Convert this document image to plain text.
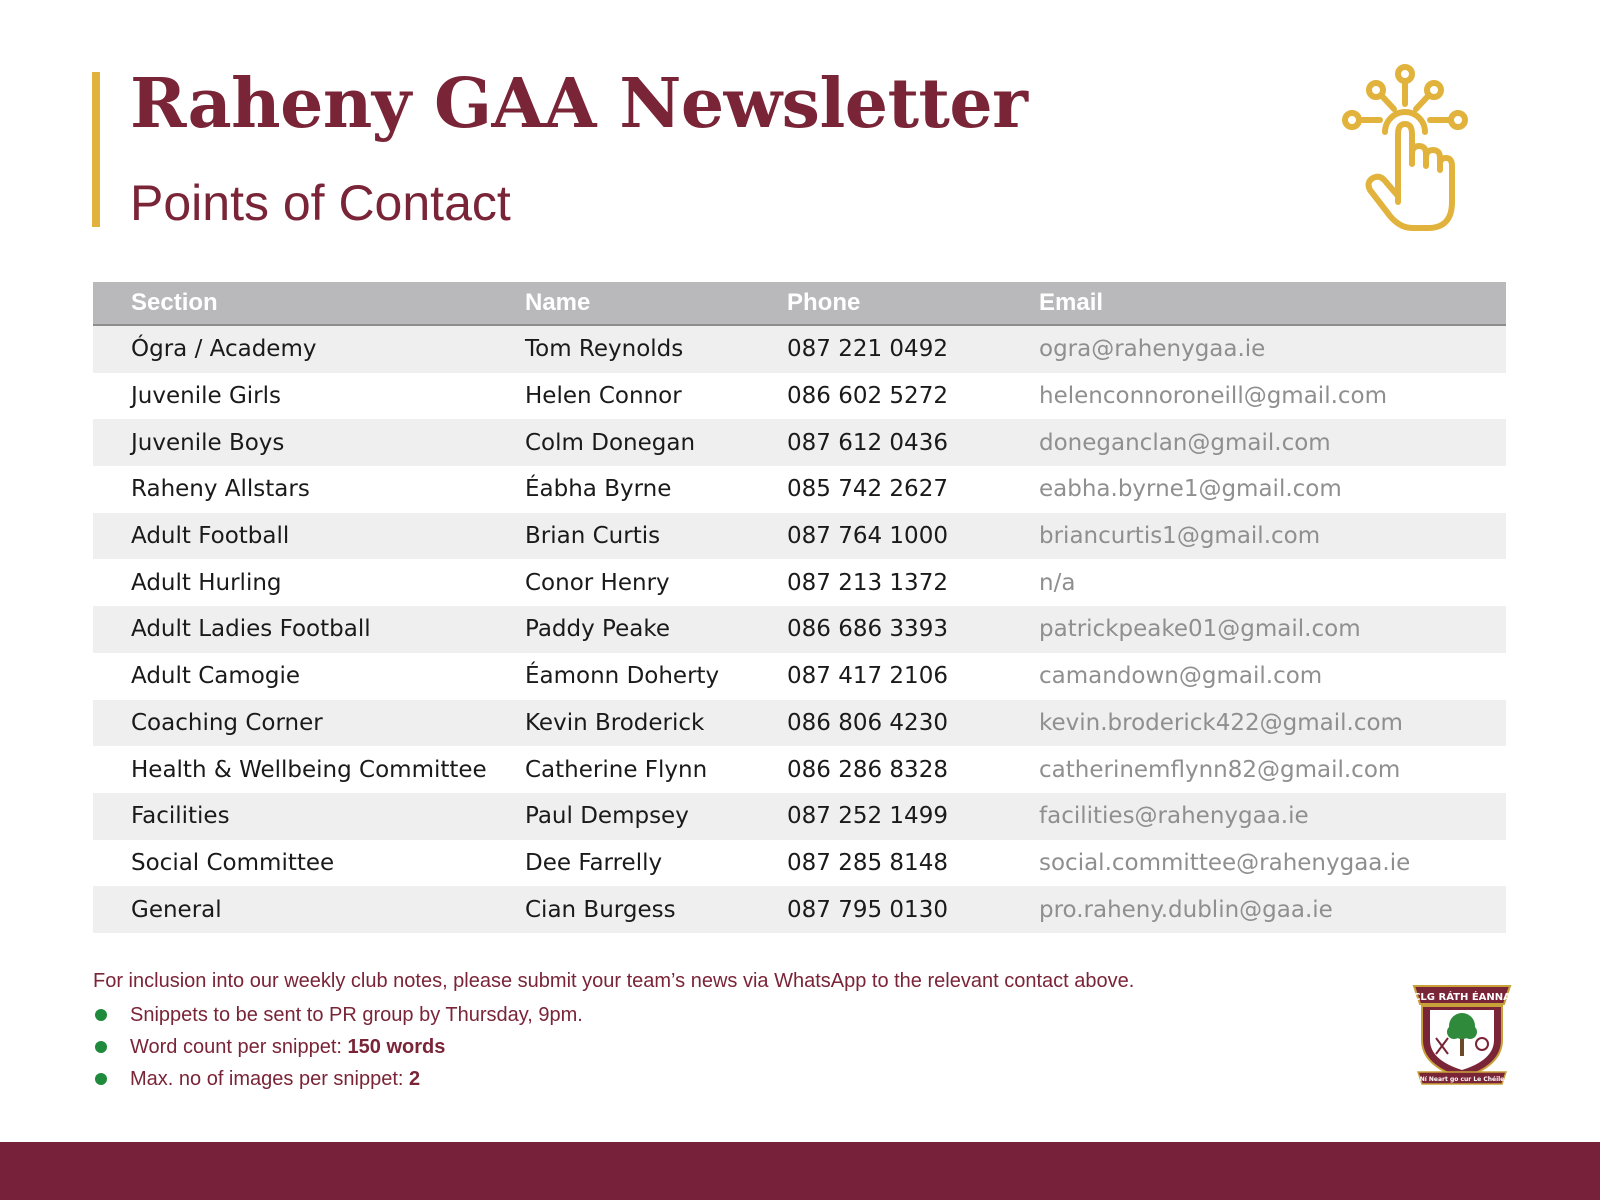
Raheny GAA Newsletter
Points of Contact
Section	Name	Phone	Email
Ógra / Academy	Tom Reynolds	087 221 0492	ogra@rahenygaa.ie
Juvenile Girls	Helen Connor	086 602 5272	helenconnoroneill@gmail.com
Juvenile Boys	Colm Donegan	087 612 0436	doneganclan@gmail.com
Raheny Allstars	Éabha Byrne	085 742 2627	eabha.byrne1@gmail.com
Adult Football	Brian Curtis	087 764 1000	briancurtis1@gmail.com
Adult Hurling	Conor Henry	087 213 1372	n/a
Adult Ladies Football	Paddy Peake	086 686 3393	patrickpeake01@gmail.com
Adult Camogie	Éamonn Doherty	087 417 2106	camandown@gmail.com
Coaching Corner	Kevin Broderick	086 806 4230	kevin.broderick422@gmail.com
Health & Wellbeing Committee	Catherine Flynn	086 286 8328	catherinemflynn82@gmail.com
Facilities	Paul Dempsey	087 252 1499	facilities@rahenygaa.ie
Social Committee	Dee Farrelly	087 285 8148	social.committee@rahenygaa.ie
General	Cian Burgess	087 795 0130	pro.raheny.dublin@gaa.ie

For inclusion into our weekly club notes, please submit your team’s news via WhatsApp to the relevant contact above.

Snippets to be sent to PR group by Thursday, 9pm.
Word count per snippet: 150 words
Max. no of images per snippet: 2
CLG RÁTH ÉANNA
Ní Neart go cur Le Chéile
